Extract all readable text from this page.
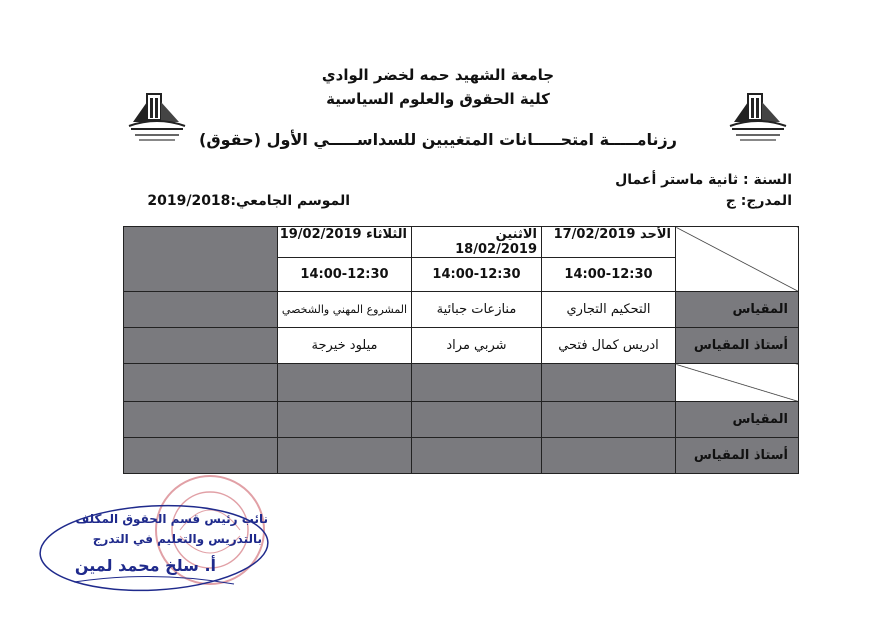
جامعة الشهيد حمه لخضر الوادي
كلية الحقوق والعلوم السياسية
رزنامـــــة امتحـــــانات المتغيبين للسداســـــي الأول (حقوق)
السنة : ثانية ماستر أعمال
المدرج: ج
الموسم الجامعي:2019/2018
	الأحد 17/02/2019	الاثنين 18/02/2019	الثلاثاء 19/02/2019	
	14:00-12:30	14:00-12:30	14:00-12:30	
المقياس	التحكيم التجاري	منازعات جبائية	المشروع المهني والشخصي	
أستاذ المقياس	ادريس كمال فتحي	شربي مراد	ميلود خيرجة	

المقياس				
أستاذ المقياس				
نائب رئيس قسم الحقوق المكلف
بالتدريس والتعليم في التدرج
أ. سلخ محمد لمين
